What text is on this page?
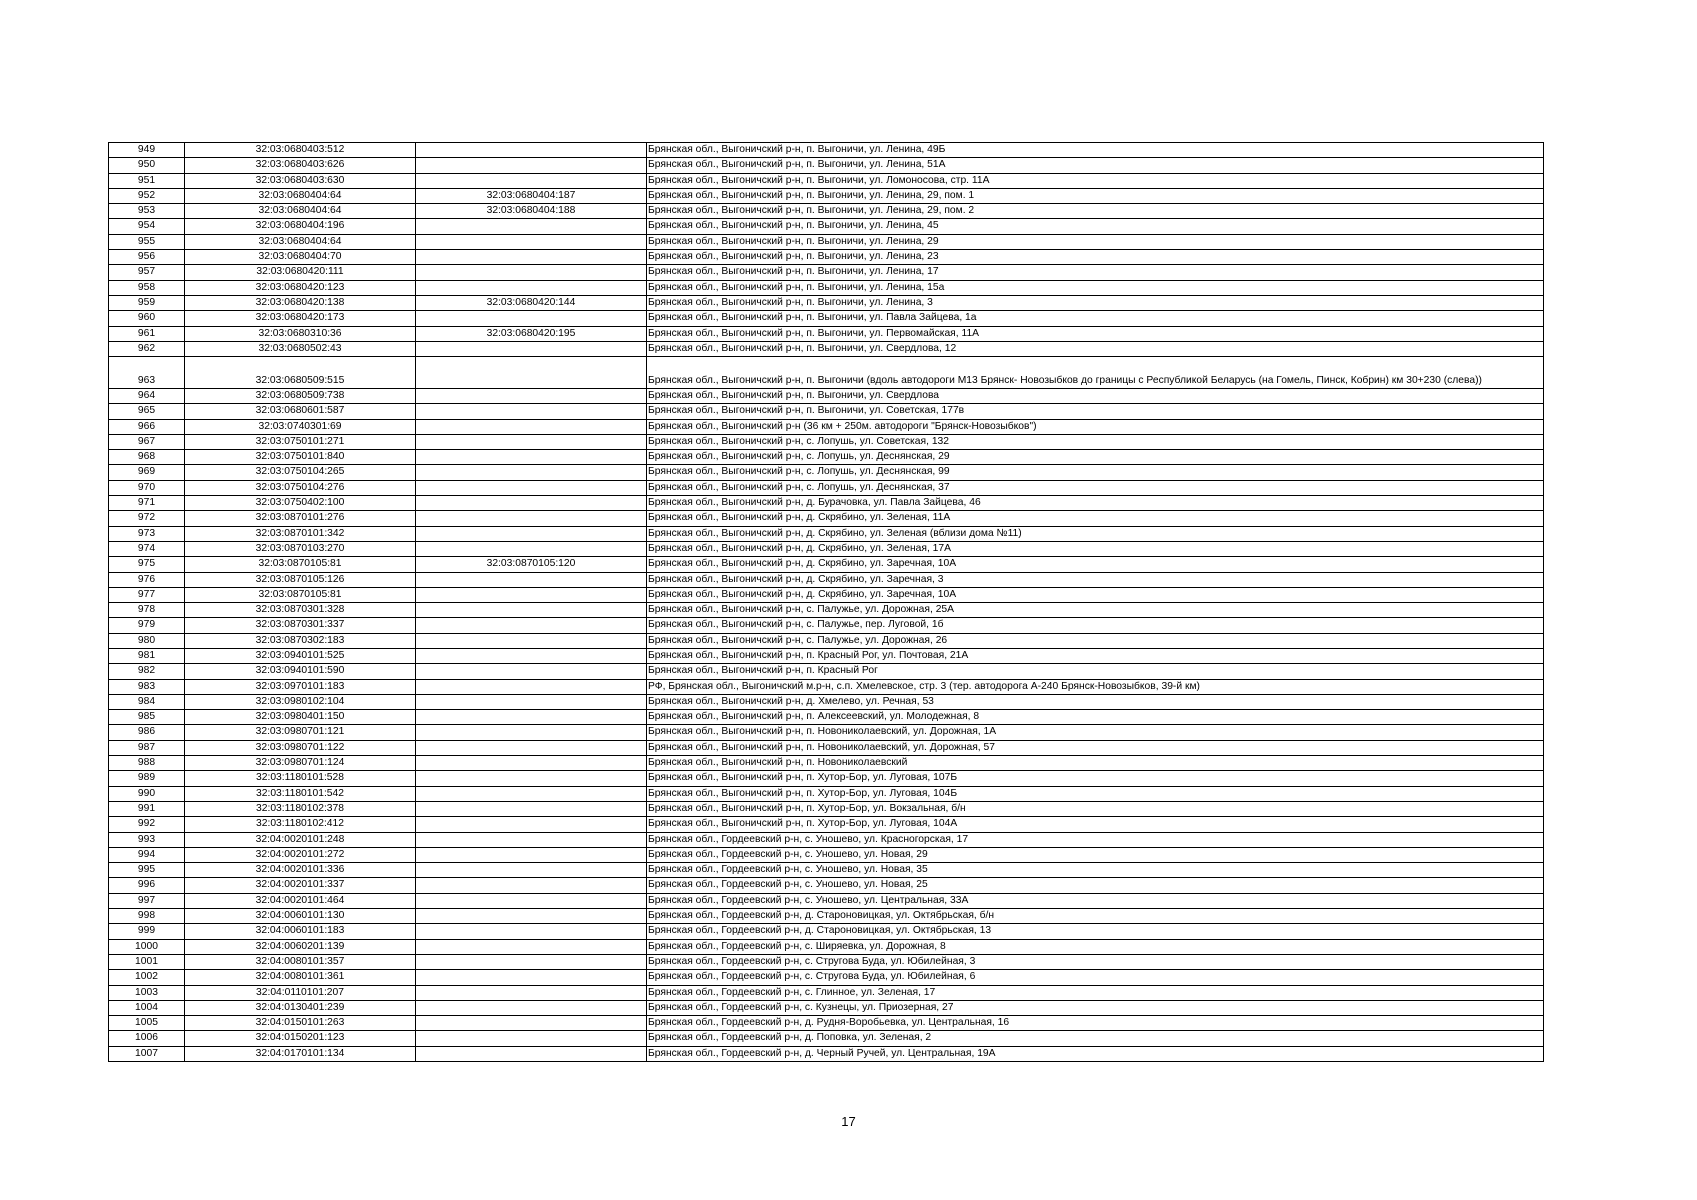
949	32:03:0680403:512		Брянская обл., Выгоничский р-н, п. Выгоничи, ул. Ленина, 49Б
950	32:03:0680403:626		Брянская обл., Выгоничский р-н, п. Выгоничи, ул. Ленина, 51А
951	32:03:0680403:630		Брянская обл., Выгоничский р-н, п. Выгоничи, ул. Ломоносова, стр. 11А
952	32:03:0680404:64	32:03:0680404:187	Брянская обл., Выгоничский р-н, п. Выгоничи, ул. Ленина, 29, пом. 1
953	32:03:0680404:64	32:03:0680404:188	Брянская обл., Выгоничский р-н, п. Выгоничи, ул. Ленина, 29, пом. 2
954	32:03:0680404:196		Брянская обл., Выгоничский р-н, п. Выгоничи, ул. Ленина, 45
955	32:03:0680404:64		Брянская обл., Выгоничский р-н, п. Выгоничи, ул. Ленина, 29
956	32:03:0680404:70		Брянская обл., Выгоничский р-н, п. Выгоничи, ул. Ленина, 23
957	32:03:0680420:111		Брянская обл., Выгоничский р-н, п. Выгоничи, ул. Ленина, 17
958	32:03:0680420:123		Брянская обл., Выгоничский р-н, п. Выгоничи, ул. Ленина, 15а
959	32:03:0680420:138	32:03:0680420:144	Брянская обл., Выгоничский р-н, п. Выгоничи, ул. Ленина, 3
960	32:03:0680420:173		Брянская обл., Выгоничский р-н, п. Выгоничи, ул. Павла Зайцева, 1а
961	32:03:0680310:36	32:03:0680420:195	Брянская обл., Выгоничский р-н, п. Выгоничи, ул. Первомайская, 11А
962	32:03:0680502:43		Брянская обл., Выгоничский р-н, п. Выгоничи, ул. Свердлова, 12
963	32:03:0680509:515		Брянская обл., Выгоничский р-н, п. Выгоничи (вдоль автодороги М13 Брянск- Новозыбков до границы с Республикой Беларусь (на Гомель, Пинск, Кобрин) км 30+230 (слева))
964	32:03:0680509:738		Брянская обл., Выгоничский р-н, п. Выгоничи, ул. Свердлова
965	32:03:0680601:587		Брянская обл., Выгоничский р-н, п. Выгоничи, ул. Советская, 177в
966	32:03:0740301:69		Брянская обл., Выгоничский р-н (36 км + 250м. автодороги "Брянск-Новозыбков")
967	32:03:0750101:271		Брянская обл., Выгоничский р-н, с. Лопушь, ул. Советская, 132
968	32:03:0750101:840		Брянская обл., Выгоничский р-н, с. Лопушь, ул. Деснянская, 29
969	32:03:0750104:265		Брянская обл., Выгоничский р-н, с. Лопушь, ул. Деснянская, 99
970	32:03:0750104:276		Брянская обл., Выгоничский р-н, с. Лопушь, ул. Деснянская, 37
971	32:03:0750402:100		Брянская обл., Выгоничский р-н, д. Бурачовка, ул. Павла Зайцева, 46
972	32:03:0870101:276		Брянская обл., Выгоничский р-н, д. Скрябино, ул. Зеленая, 11А
973	32:03:0870101:342		Брянская обл., Выгоничский р-н, д. Скрябино, ул. Зеленая (вблизи дома №11)
974	32:03:0870103:270		Брянская обл., Выгоничский р-н, д. Скрябино, ул. Зеленая, 17А
975	32:03:0870105:81	32:03:0870105:120	Брянская обл., Выгоничский р-н, д. Скрябино, ул. Заречная, 10А
976	32:03:0870105:126		Брянская обл., Выгоничский р-н, д. Скрябино, ул. Заречная, 3
977	32:03:0870105:81		Брянская обл., Выгоничский р-н, д. Скрябино, ул. Заречная, 10А
978	32:03:0870301:328		Брянская обл., Выгоничский р-н, с. Палужье, ул. Дорожная, 25А
979	32:03:0870301:337		Брянская обл., Выгоничский р-н, с. Палужье, пер. Луговой, 1б
980	32:03:0870302:183		Брянская обл., Выгоничский р-н, с. Палужье, ул. Дорожная, 26
981	32:03:0940101:525		Брянская обл., Выгоничский р-н, п. Красный Рог, ул. Почтовая, 21А
982	32:03:0940101:590		Брянская обл., Выгоничский р-н, п. Красный Рог
983	32:03:0970101:183		РФ, Брянская обл., Выгоничский м.р-н, с.п. Хмелевское, стр. 3 (тер. автодорога А-240 Брянск-Новозыбков, 39-й км)
984	32:03:0980102:104		Брянская обл., Выгоничский р-н, д. Хмелево, ул. Речная, 53
985	32:03:0980401:150		Брянская обл., Выгоничский р-н, п. Алексеевский, ул. Молодежная, 8
986	32:03:0980701:121		Брянская обл., Выгоничский р-н, п. Новониколаевский, ул. Дорожная, 1А
987	32:03:0980701:122		Брянская обл., Выгоничский р-н, п. Новониколаевский, ул. Дорожная, 57
988	32:03:0980701:124		Брянская обл., Выгоничский р-н, п. Новониколаевский
989	32:03:1180101:528		Брянская обл., Выгоничский р-н, п. Хутор-Бор, ул. Луговая, 107Б
990	32:03:1180101:542		Брянская обл., Выгоничский р-н, п. Хутор-Бор, ул. Луговая, 104Б
991	32:03:1180102:378		Брянская обл., Выгоничский р-н, п. Хутор-Бор, ул. Вокзальная, б/н
992	32:03:1180102:412		Брянская обл., Выгоничский р-н, п. Хутор-Бор, ул. Луговая, 104А
993	32:04:0020101:248		Брянская обл., Гордеевский р-н, с. Уношево, ул. Красногорская, 17
994	32:04:0020101:272		Брянская обл., Гордеевский р-н, с. Уношево, ул. Новая, 29
995	32:04:0020101:336		Брянская обл., Гордеевский р-н, с. Уношево, ул. Новая, 35
996	32:04:0020101:337		Брянская обл., Гордеевский р-н, с. Уношево, ул. Новая, 25
997	32:04:0020101:464		Брянская обл., Гордеевский р-н, с. Уношево, ул. Центральная, 33А
998	32:04:0060101:130		Брянская обл., Гордеевский р-н, д. Староновицкая, ул. Октябрьская, б/н
999	32:04:0060101:183		Брянская обл., Гордеевский р-н, д. Староновицкая, ул. Октябрьская, 13
1000	32:04:0060201:139		Брянская обл., Гордеевский р-н, с. Ширяевка, ул. Дорожная, 8
1001	32:04:0080101:357		Брянская обл., Гордеевский р-н, с. Стругова Буда, ул. Юбилейная, 3
1002	32:04:0080101:361		Брянская обл., Гордеевский р-н, с. Стругова Буда, ул. Юбилейная, 6
1003	32:04:0110101:207		Брянская обл., Гордеевский р-н, с. Глинное, ул. Зеленая, 17
1004	32:04:0130401:239		Брянская обл., Гордеевский р-н, с. Кузнецы, ул. Приозерная, 27
1005	32:04:0150101:263		Брянская обл., Гордеевский р-н, д. Рудня-Воробьевка, ул. Центральная, 16
1006	32:04:0150201:123		Брянская обл., Гордеевский р-н, д. Поповка, ул. Зеленая, 2
1007	32:04:0170101:134		Брянская обл., Гордеевский р-н, д. Черный Ручей, ул. Центральная, 19А
17
